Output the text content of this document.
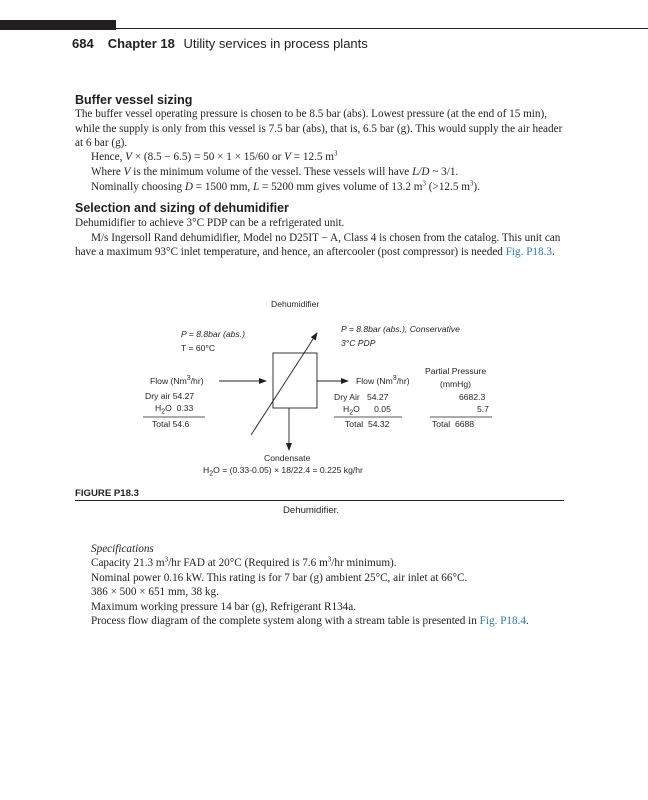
684 Chapter 18 Utility services in process plants
Buffer vessel sizing

The buffer vessel operating pressure is chosen to be 8.5 bar (abs). Lowest pressure (at the end of 15 min), while the supply is only from this vessel is 7.5 bar (abs), that is, 6.5 bar (g). This would supply the air header at 6 bar (g).

Hence, V × (8.5 − 6.5) = 50 × 1 × 15/60 or V = 12.5 $m^3$
Where V is the minimum volume of the vessel. These vessels will have L/D ~ 3/1.
Nominally choosing D = 1500 mm, L = 5200 mm gives volume of 13.2 $m^3$ (>12.5 $m^3$).
Selection and sizing of dehumidifier

Dehumidifier to achieve 3°C PDP can be a refrigerated unit.

M/s Ingersoll Rand dehumidifier, Model no D25IT − A, Class 4 is chosen from the catalog. This unit can have a maximum 93°C inlet temperature, and hence, an aftercooler (post compressor) is needed Fig. P18.3.

Dehumidifier
P = 8.8bar (abs.)
T = 60°C
P = 8.8bar (abs.), Conservative
3°C PDP
Partial Pressure
(mmHg)
Flow (Nm$^3$/hr)
Dry air 54.27
$H_2O$ 0.33
Total 54.6
Flow (Nm$^3$/hr)
Dry Air 54.27
$H_2O$ 0.05
Total 54.32
6682.3
5.7
Total 6688
Condensate
$H_2O = (0.33-0.05) \times 18/22.4 = 0.225$ kg/hr
FIGURE P18.3
Dehumidifier.
Specifications
Capacity 21.3 $m^3/hr$ FAD at 20°C (Required is 7.6 $m^3/hr$ minimum).
Nominal power 0.16 kW. This rating is for 7 bar (g) ambient 25°C, air inlet at 66°C.
386 × 500 × 651 mm, 38 kg.
Maximum working pressure 14 bar (g), Refrigerant R134a.
Process flow diagram of the complete system along with a stream table is presented in Fig. P18.4.
